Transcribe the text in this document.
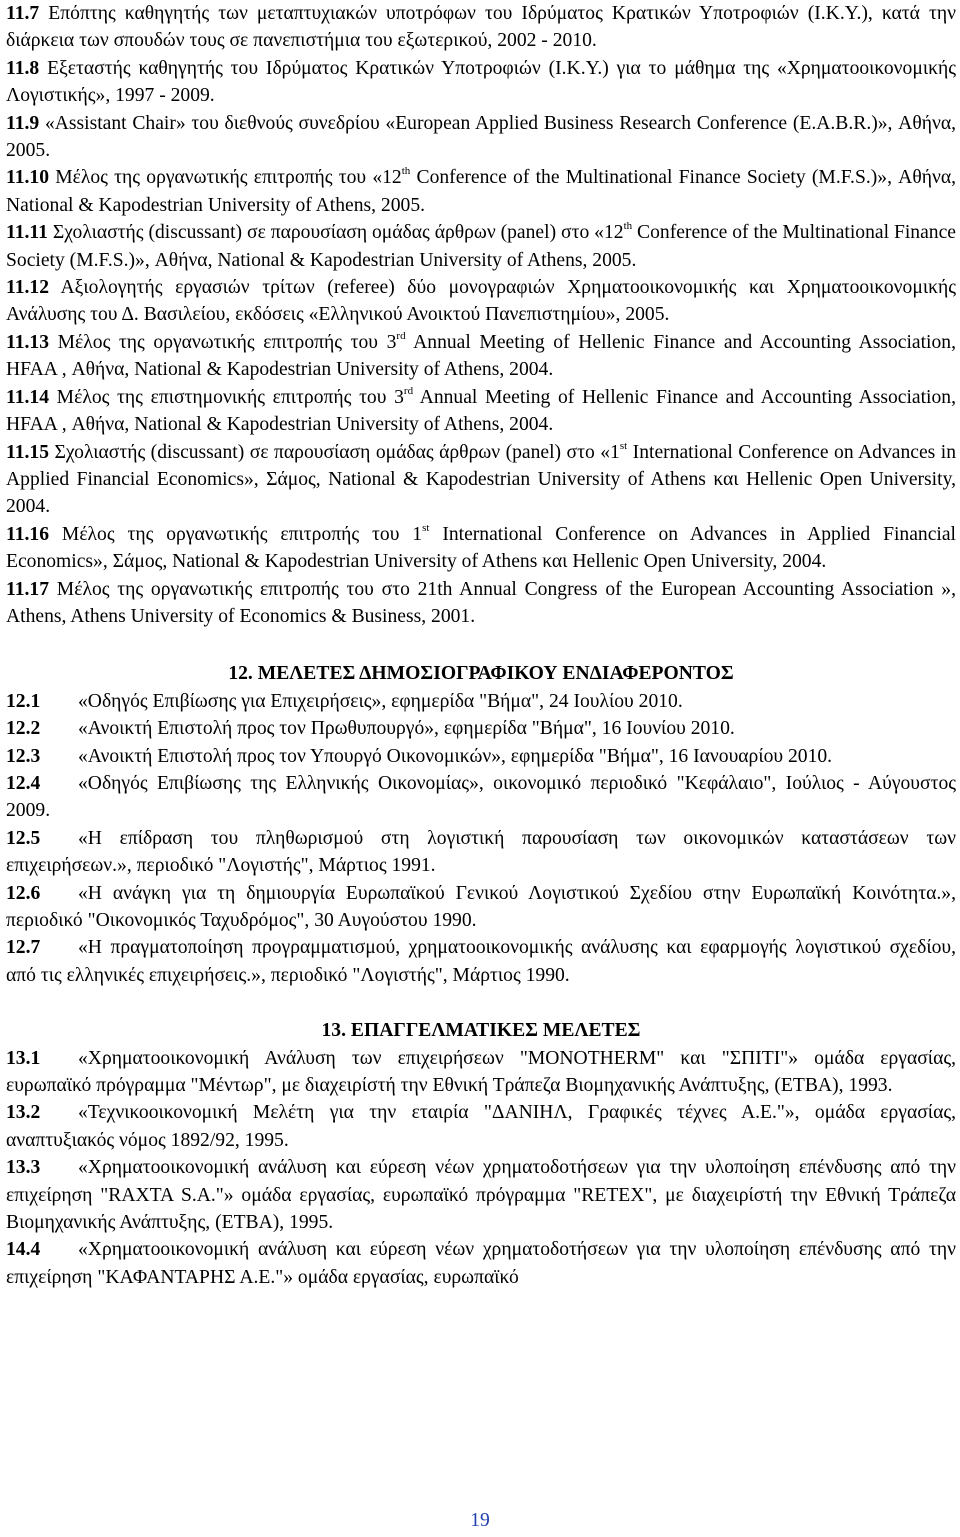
11.7 Επόπτης καθηγητής των μεταπτυχιακών υποτρόφων του Ιδρύματος Κρατικών Υποτροφιών (Ι.Κ.Υ.), κατά την διάρκεια των σπουδών τους σε πανεπιστήμια του εξωτερικού, 2002 - 2010.

11.8 Εξεταστής καθηγητής του Ιδρύματος Κρατικών Υποτροφιών (Ι.Κ.Υ.) για το μάθημα της «Χρηματοοικονομικής Λογιστικής», 1997 - 2009.

11.9 «Assistant Chair» του διεθνούς συνεδρίου «European Applied Business Research Conference (E.A.B.R.)», Αθήνα, 2005.

11.10 Μέλος της οργανωτικής επιτροπής του «12th Conference of the Multinational Finance Society (M.F.S.)», Αθήνα, National & Kapodestrian University of Athens, 2005.

11.11 Σχολιαστής (discussant) σε παρουσίαση ομάδας άρθρων (panel) στο «12th Conference of the Multinational Finance Society (M.F.S.)», Αθήνα, National & Kapodestrian University of Athens, 2005.

11.12 Αξιολογητής εργασιών τρίτων (referee) δύο μονογραφιών Χρηματοοικονομικής και Χρηματοοικονομικής Ανάλυσης του Δ. Βασιλείου, εκδόσεις «Ελληνικού Ανοικτού Πανεπιστημίου», 2005.

11.13 Μέλος της οργανωτικής επιτροπής του 3rd Annual Meeting of Hellenic Finance and Accounting Association, HFAA , Αθήνα, National & Kapodestrian University of Athens, 2004.

11.14 Μέλος της επιστημονικής επιτροπής του 3rd Annual Meeting of Hellenic Finance and Accounting Association, HFAA , Αθήνα, National & Kapodestrian University of Athens, 2004.

11.15 Σχολιαστής (discussant) σε παρουσίαση ομάδας άρθρων (panel) στο «1st International Conference on Advances in Applied Financial Economics», Σάμος, National & Kapodestrian University of Athens και Hellenic Open University, 2004.

11.16 Μέλος της οργανωτικής επιτροπής του 1st International Conference on Advances in Applied Financial Economics», Σάμος, National & Kapodestrian University of Athens και Hellenic Open University, 2004.

11.17 Μέλος της οργανωτικής επιτροπής του στο 21th Annual Congress of the European Accounting Association », Athens, Athens University of Economics & Business, 2001.

12. ΜΕΛΕΤΕΣ ΔΗΜΟΣΙΟΓΡΑΦΙΚΟΥ ΕΝΔΙΑΦΕΡΟΝΤΟΣ

12.1 «Οδηγός Επιβίωσης για Επιχειρήσεις», εφημερίδα "Βήμα", 24 Ιουλίου 2010.

12.2 «Ανοικτή Επιστολή προς τον Πρωθυπουργό», εφημερίδα "Βήμα", 16 Ιουνίου 2010.

12.3 «Ανοικτή Επιστολή προς τον Υπουργό Οικονομικών», εφημερίδα "Βήμα", 16 Ιανουαρίου 2010.

12.4 «Οδηγός Επιβίωσης της Ελληνικής Οικονομίας», οικονομικό περιοδικό "Κεφάλαιο", Ιούλιος - Αύγουστος 2009.

12.5 «Η επίδραση του πληθωρισμού στη λογιστική παρουσίαση των οικονομικών καταστάσεων των επιχειρήσεων.», περιοδικό "Λογιστής", Μάρτιος 1991.

12.6 «Η ανάγκη για τη δημιουργία Ευρωπαϊκού Γενικού Λογιστικού Σχεδίου στην Ευρωπαϊκή Κοινότητα.», περιοδικό "Οικονομικός Ταχυδρόμος", 30 Αυγούστου 1990.

12.7 «Η πραγματοποίηση προγραμματισμού, χρηματοοικονομικής ανάλυσης και εφαρμογής λογιστικού σχεδίου, από τις ελληνικές επιχειρήσεις.», περιοδικό "Λογιστής", Μάρτιος 1990.

13. ΕΠΑΓΓΕΛΜΑΤΙΚΕΣ ΜΕΛΕΤΕΣ

13.1 «Χρηματοοικονομική Ανάλυση των επιχειρήσεων "MONOTHERM" και "ΣΠΙΤΙ"» ομάδα εργασίας, ευρωπαϊκό πρόγραμμα "Μέντωρ", με διαχειρίστή την Εθνική Τράπεζα Βιομηχανικής Ανάπτυξης, (ΕΤΒΑ), 1993.

13.2 «Τεχνικοοικονομική Μελέτη για την εταιρία "ΔΑΝΙΗΛ, Γραφικές τέχνες Α.Ε."», ομάδα εργασίας, αναπτυξιακός νόμος 1892/92, 1995.

13.3 «Χρηματοοικονομική ανάλυση και εύρεση νέων χρηματοδοτήσεων για την υλοποίηση επένδυσης από την επιχείρηση "RAXTA S.A."» ομάδα εργασίας, ευρωπαϊκό πρόγραμμα "RETEX", με διαχειρίστή την Εθνική Τράπεζα Βιομηχανικής Ανάπτυξης, (ΕΤΒΑ), 1995.

14.4 «Χρηματοοικονομική ανάλυση και εύρεση νέων χρηματοδοτήσεων για την υλοποίηση επένδυσης από την επιχείρηση "ΚΑΦΑΝΤΑΡΗΣ Α.Ε."» ομάδα εργασίας, ευρωπαϊκό

19
